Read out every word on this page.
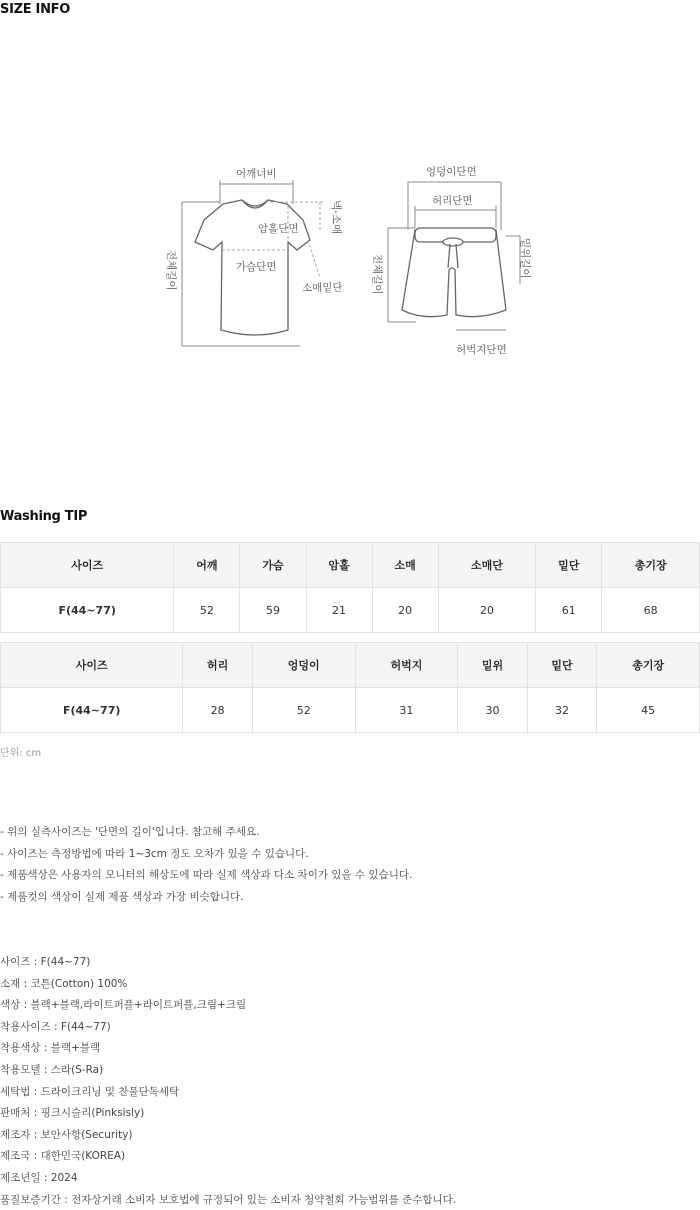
SIZE INFO
어깨너비
암홀단면
가슴단면
넥-소매
소매밑단
전체길이
엉덩이단면
허리단면
밑위길이
전체길이
허벅지단면
Washing TIP
사이즈	어깨	가슴	암홀	소매	소매단	밑단	총기장
F(44~77)	52	59	21	20	20	61	68
사이즈	허리	엉덩이	허벅지	밑위	밑단	총기장
F(44~77)	28	52	31	30	32	45
단위: cm
- 위의 실측사이즈는 '단면의 길이'입니다. 참고해 주세요.
- 사이즈는 측정방법에 따라 1~3cm 정도 오차가 있을 수 있습니다.
- 제품색상은 사용자의 모니터의 해상도에 따라 실제 색상과 다소 차이가 있을 수 있습니다.
- 제품컷의 색상이 실제 제품 색상과 가장 비슷합니다.
사이즈 : F(44~77)
소재 : 코튼(Cotton) 100%
색상 : 블랙+블랙,라이트퍼플+라이트퍼플,크림+크림
착용사이즈 : F(44~77)
착용색상 : 블랙+블랙
착용모델 : 스라(S-Ra)
세탁법 : 드라이크리닝 및 찬물단독세탁
판매처 : 핑크시슬리(Pinksisly)
제조자 : 보안사항(Security)
제조국 : 대한민국(KOREA)
제조년일 : 2024
품질보증기간 : 전자상거래 소비자 보호법에 규정되어 있는 소비자 청약철회 가능범위를 준수합니다.
